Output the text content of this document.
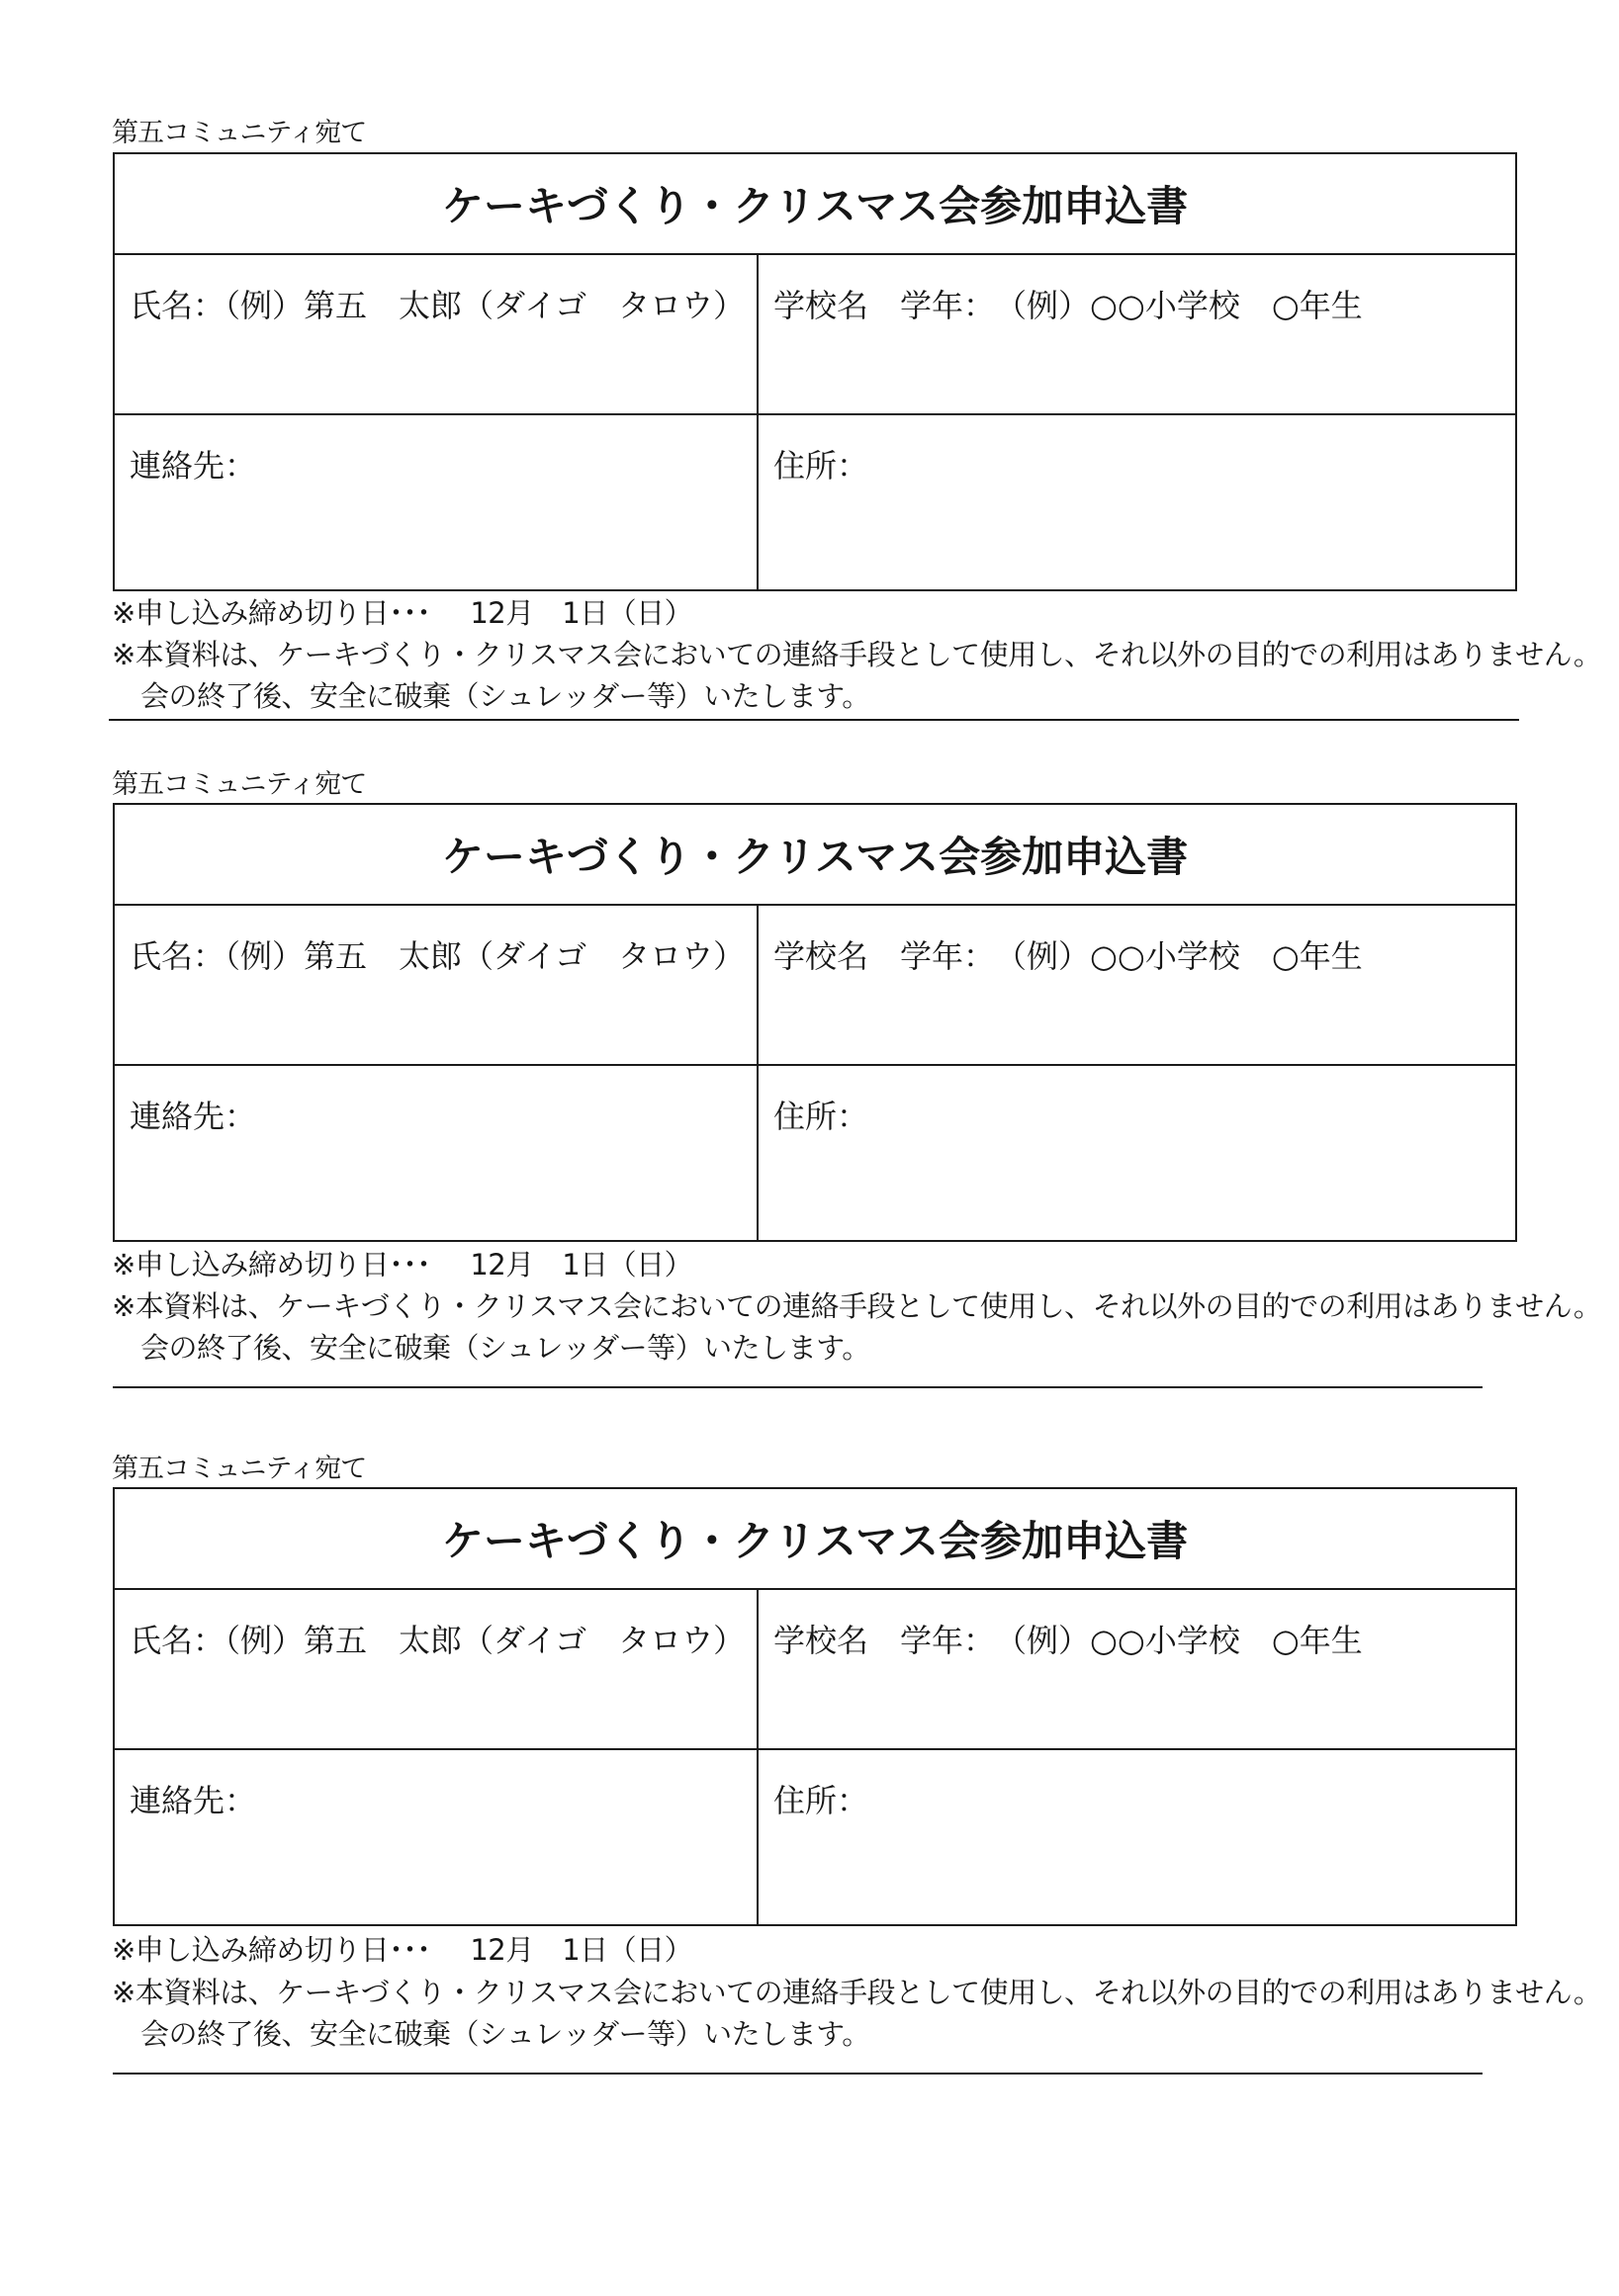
第五コミュニティ宛て
ケーキづくり・クリスマス会参加申込書
氏名：（例）第五　太郎（ダイゴ　タロウ） 学校名　学年：　（例）○○小学校　○年生
連絡先：	住所：
※申し込み締め切り日･･･ 12月　1日（日）
※本資料は、ケーキづくり・クリスマス会においての連絡手段として使用し、それ以外の目的での利用はありません。
会の終了後、安全に破棄（シュレッダー等）いたします。
第五コミュニティ宛て
ケーキづくり・クリスマス会参加申込書
氏名：（例）第五　太郎（ダイゴ　タロウ） 学校名　学年：　（例）○○小学校　○年生
連絡先：	住所：
※申し込み締め切り日･･･ 12月　1日（日）
※本資料は、ケーキづくり・クリスマス会においての連絡手段として使用し、それ以外の目的での利用はありません。
会の終了後、安全に破棄（シュレッダー等）いたします。
第五コミュニティ宛て
ケーキづくり・クリスマス会参加申込書
氏名：（例）第五　太郎（ダイゴ　タロウ） 学校名　学年：　（例）○○小学校　○年生
連絡先：	住所：
※申し込み締め切り日･･･ 12月　1日（日）
※本資料は、ケーキづくり・クリスマス会においての連絡手段として使用し、それ以外の目的での利用はありません。
会の終了後、安全に破棄（シュレッダー等）いたします。
